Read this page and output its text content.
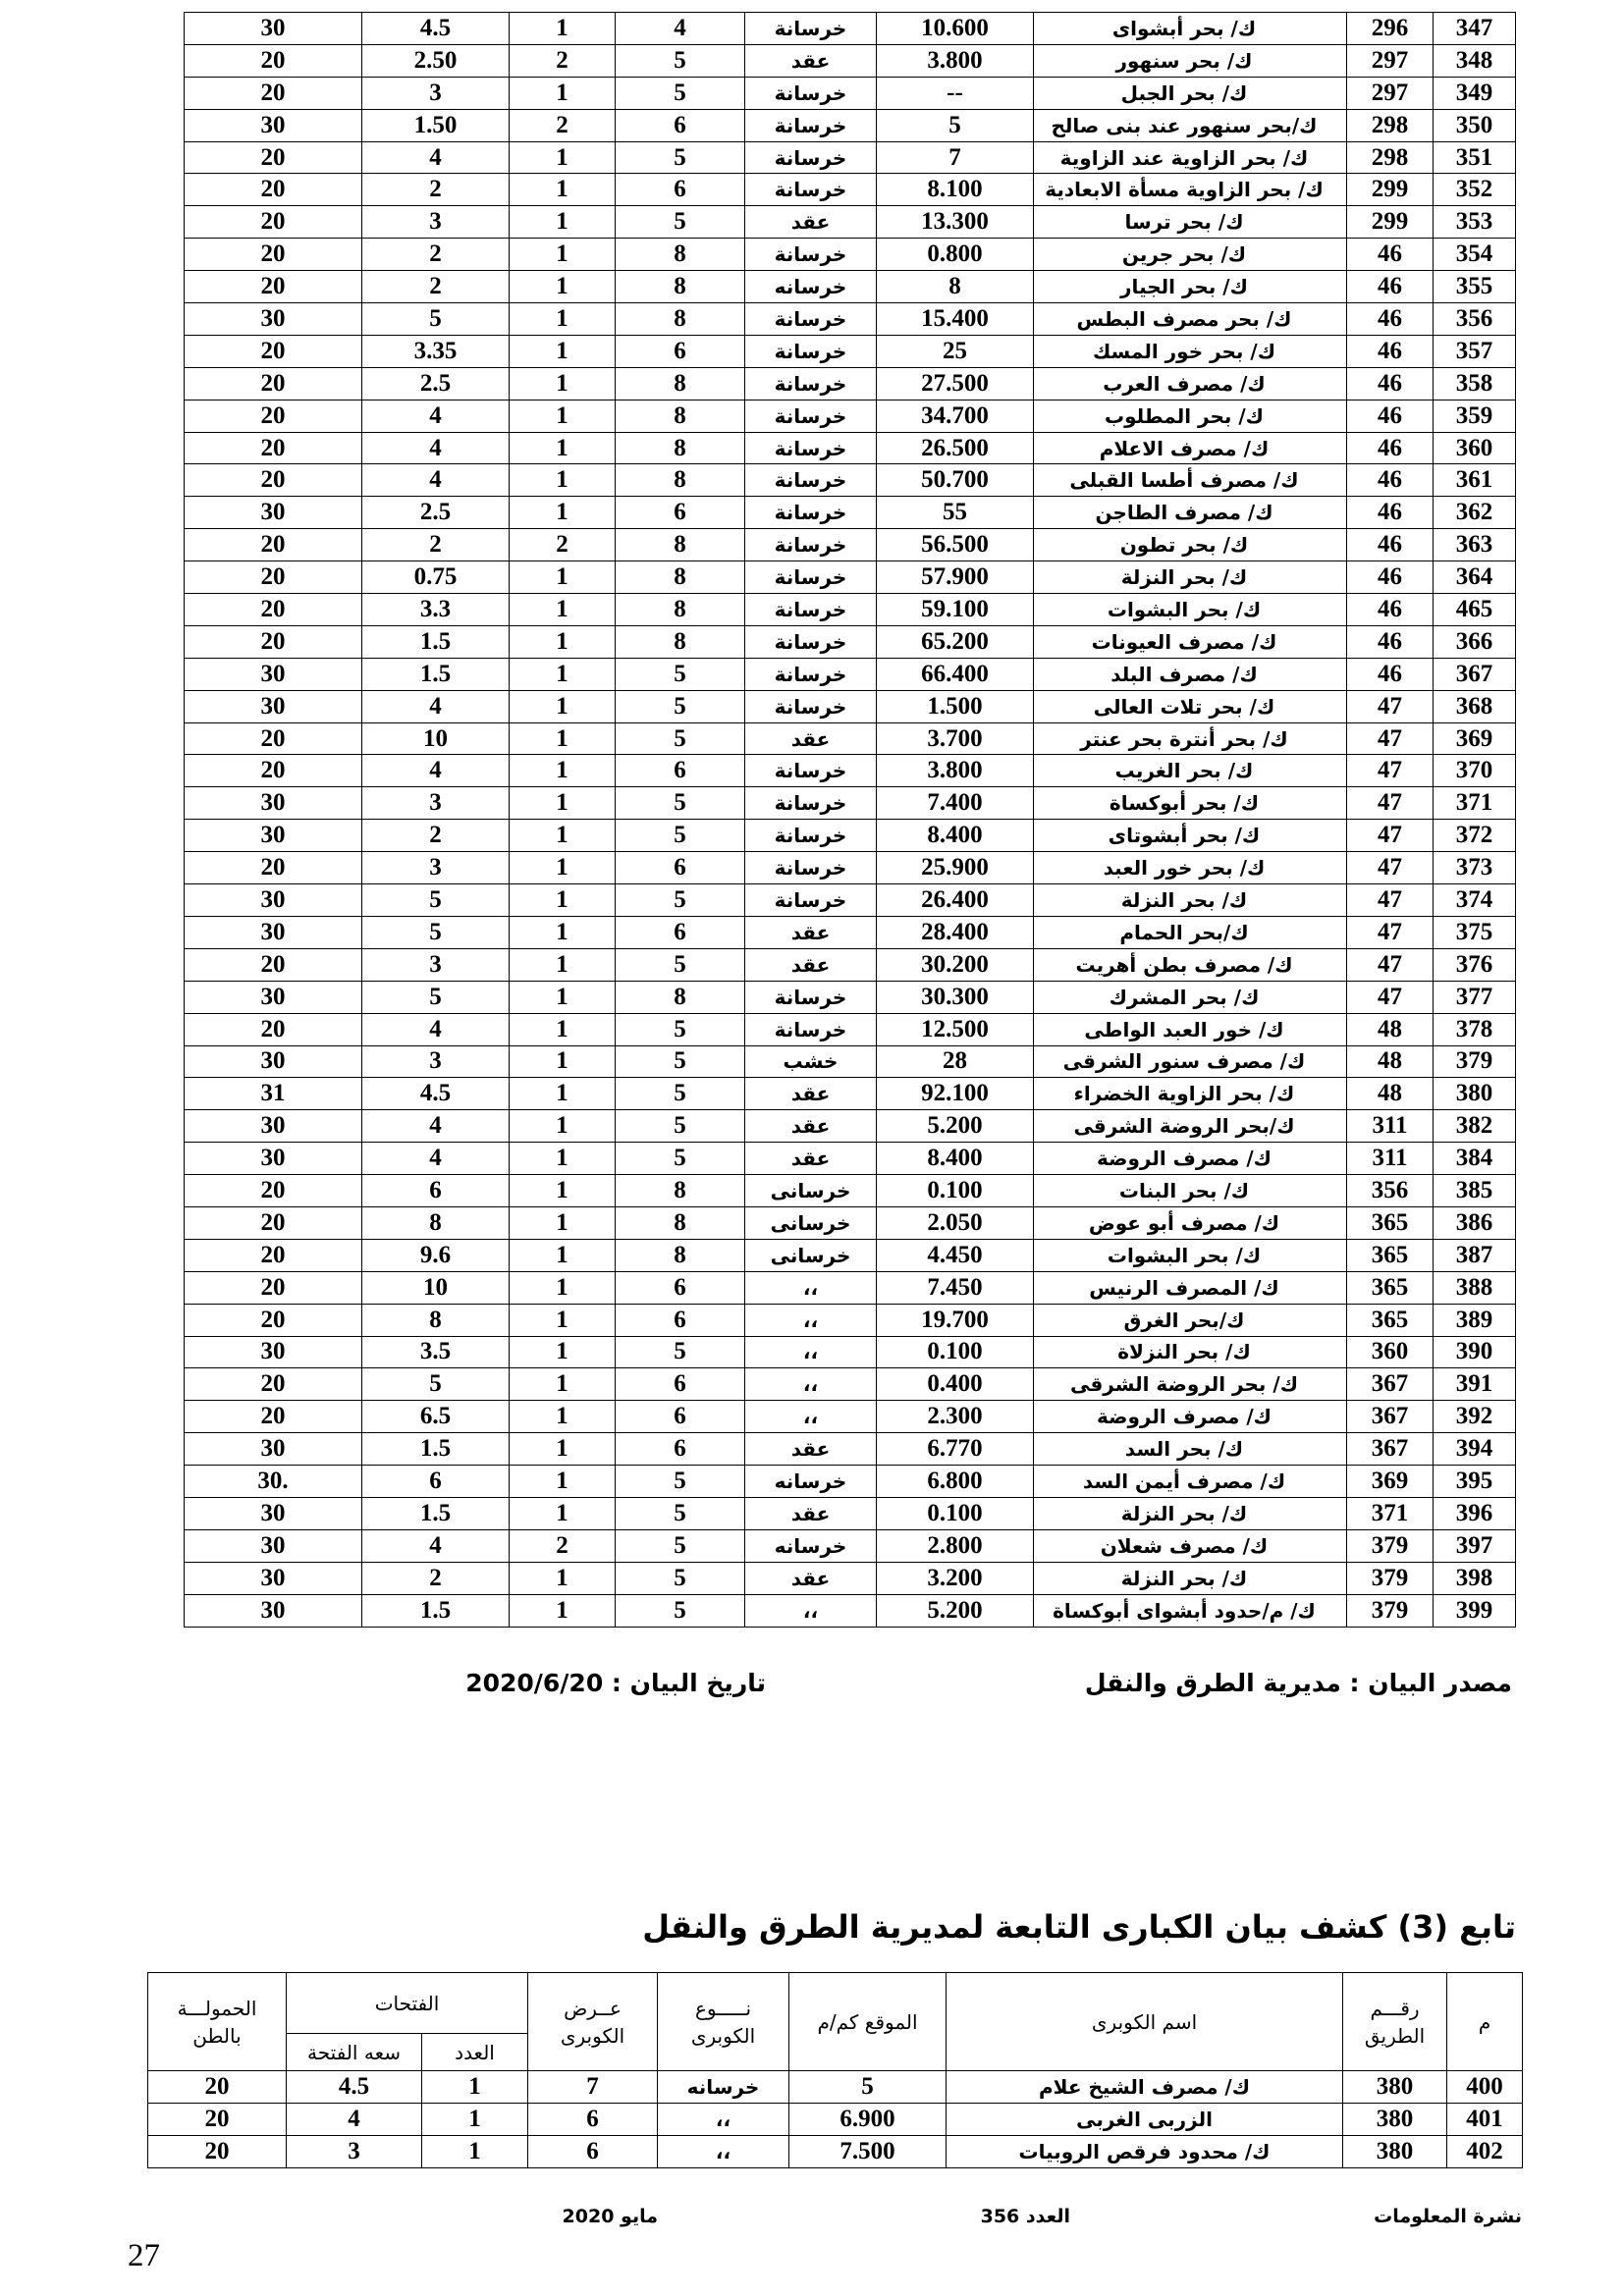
347	296	ك/ بحر أبشواى	10.600	خرسانة	4	1	4.5	30
348	297	ك/ بحر سنهور	3.800	عقد	5	2	2.50	20
349	297	ك/ بحر الجبل	--	خرسانة	5	1	3	20
350	298	ك/بحر سنهور عند بنى صالح	5	خرسانة	6	2	1.50	30
351	298	ك/ بحر الزاوية عند الزاوية	7	خرسانة	5	1	4	20
352	299	ك/ بحر الزاوية مسأة الابعادية	8.100	خرسانة	6	1	2	20
353	299	ك/ بحر ترسا	13.300	عقد	5	1	3	20
354	46	ك/ بحر جرين	0.800	خرسانة	8	1	2	20
355	46	ك/ بحر الجيار	8	خرسانه	8	1	2	20
356	46	ك/ بحر مصرف البطس	15.400	خرسانة	8	1	5	30
357	46	ك/ بحر خور المسك	25	خرسانة	6	1	3.35	20
358	46	ك/ مصرف العرب	27.500	خرسانة	8	1	2.5	20
359	46	ك/ بحر المطلوب	34.700	خرسانة	8	1	4	20
360	46	ك/ مصرف الاعلام	26.500	خرسانة	8	1	4	20
361	46	ك/ مصرف أطسا القبلى	50.700	خرسانة	8	1	4	20
362	46	ك/ مصرف الطاجن	55	خرسانة	6	1	2.5	30
363	46	ك/ بحر تطون	56.500	خرسانة	8	2	2	20
364	46	ك/ بحر النزلة	57.900	خرسانة	8	1	0.75	20
465	46	ك/ بحر البشوات	59.100	خرسانة	8	1	3.3	20
366	46	ك/ مصرف العيونات	65.200	خرسانة	8	1	1.5	20
367	46	ك/ مصرف البلد	66.400	خرسانة	5	1	1.5	30
368	47	ك/ بحر تلات العالى	1.500	خرسانة	5	1	4	30
369	47	ك/ بحر أنترة بحر عنتر	3.700	عقد	5	1	10	20
370	47	ك/ بحر الغريب	3.800	خرسانة	6	1	4	20
371	47	ك/ بحر أبوكساة	7.400	خرسانة	5	1	3	30
372	47	ك/ بحر أبشوتاى	8.400	خرسانة	5	1	2	30
373	47	ك/ بحر خور العبد	25.900	خرسانة	6	1	3	20
374	47	ك/ بحر النزلة	26.400	خرسانة	5	1	5	30
375	47	ك/بحر الحمام	28.400	عقد	6	1	5	30
376	47	ك/ مصرف بطن أهريت	30.200	عقد	5	1	3	20
377	47	ك/ بحر المشرك	30.300	خرسانة	8	1	5	30
378	48	ك/ خور العبد الواطى	12.500	خرسانة	5	1	4	20
379	48	ك/ مصرف سنور الشرقى	28	خشب	5	1	3	30
380	48	ك/ بحر الزاوية الخضراء	92.100	عقد	5	1	4.5	31
382	311	ك/بحر الروضة الشرقى	5.200	عقد	5	1	4	30
384	311	ك/ مصرف الروضة	8.400	عقد	5	1	4	30
385	356	ك/ بحر البنات	0.100	خرسانى	8	1	6	20
386	365	ك/ مصرف أبو عوض	2.050	خرسانى	8	1	8	20
387	365	ك/ بحر البشوات	4.450	خرسانى	8	1	9.6	20
388	365	ك/ المصرف الرنيس	7.450	،،	6	1	10	20
389	365	ك/بحر الغرق	19.700	،،	6	1	8	20
390	360	ك/ بحر النزلاة	0.100	،،	5	1	3.5	30
391	367	ك/ بحر الروضة الشرقى	0.400	،،	6	1	5	20
392	367	ك/ مصرف الروضة	2.300	،،	6	1	6.5	20
394	367	ك/ بحر السد	6.770	عقد	6	1	1.5	30
395	369	ك/ مصرف أيمن السد	6.800	خرسانه	5	1	6	.30
396	371	ك/ بحر النزلة	0.100	عقد	5	1	1.5	30
397	379	ك/ مصرف شعلان	2.800	خرسانه	5	2	4	30
398	379	ك/ بحر النزلة	3.200	عقد	5	1	2	30
399	379	ك/ م/حدود أبشواى أبوكساة	5.200	،،	5	1	1.5	30
مصدر البيان : مديرية الطرق والنقل
تاريخ البيان : 2020/6/20
تابع (3) كشف بيان الكبارى التابعة لمديرية الطرق والنقل
م	رقـــم الطريق	اسم الكوبرى	الموقع كم/م	نـــــوع الكوبرى	عــرض الكوبرى	الفتحات		الحمولـــة بالطن
						العدد	سعه الفتحة	
400	380	ك/ مصرف الشيخ علام	5	خرسانه	7	1	4.5	20
401	380	الزربى الغربى	6.900	،،	6	1	4	20
402	380	ك/ محدود فرقص الروبيات	7.500	،،	6	1	3	20
نشرة المعلومات
العدد 356
مايو 2020
27
